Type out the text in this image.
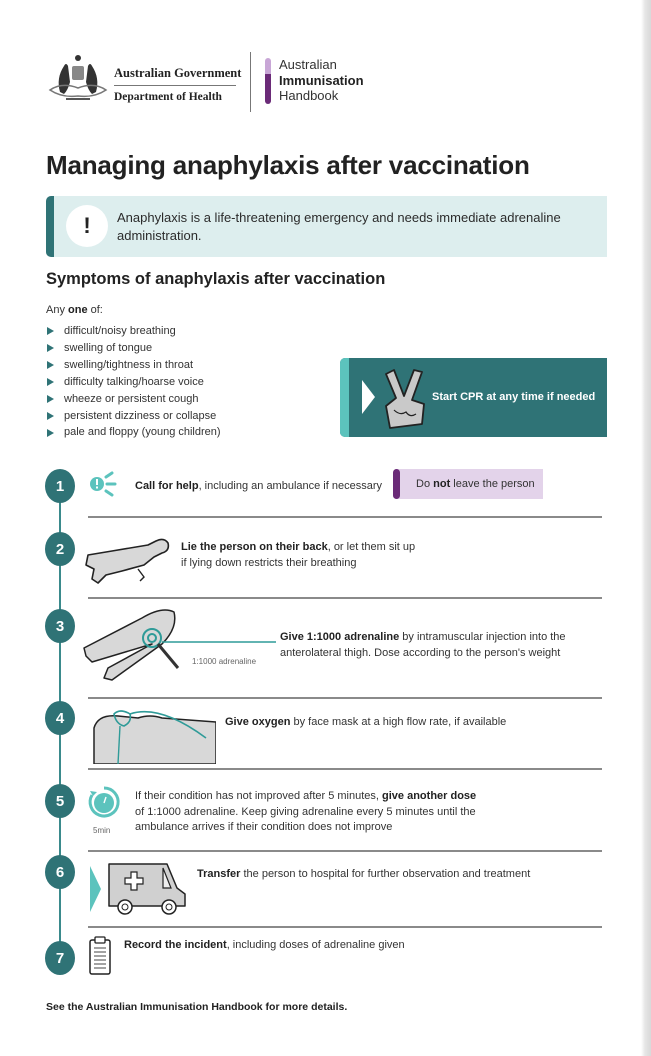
Australian Government
Department of Health
Australian
Immunisation
Handbook
Managing anaphylaxis after vaccination
!	Anaphylaxis is a life-threatening emergency and needs immediate adrenaline administration.
Symptoms of anaphylaxis after vaccination
Any one of:
difficult/noisy breathing
swelling of tongue
swelling/tightness in throat
difficulty talking/hoarse voice
wheeze or persistent cough
persistent dizziness or collapse
pale and floppy (young children)
Start CPR at any time if needed
1	Call for help, including an ambulance if necessary	Do not leave the person
2	Lie the person on their back, or let them sit up if lying down restricts their breathing
3
1:1000 adrenaline
Give 1:1000 adrenaline by intramuscular injection into the anterolateral thigh. Dose according to the person's weight
4	Give oxygen by face mask at a high flow rate, if available
5
5min
If their condition has not improved after 5 minutes, give another dose of 1:1000 adrenaline. Keep giving adrenaline every 5 minutes until the ambulance arrives if their condition does not improve
6	Transfer the person to hospital for further observation and treatment
7
Record the incident, including doses of adrenaline given
See the Australian Immunisation Handbook for more details.
